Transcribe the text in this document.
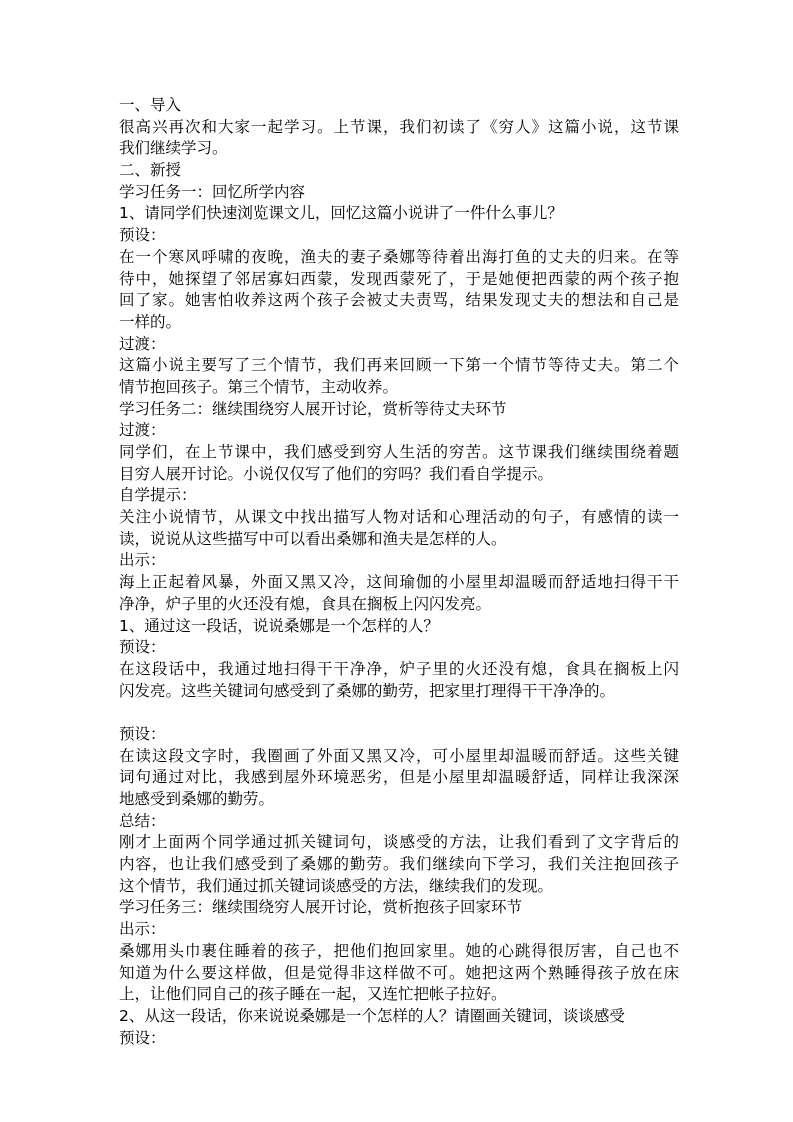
一、导入
很高兴再次和大家一起学习。上节课，我们初读了《穷人》这篇小说，这节课
我们继续学习。
二、新授
学习任务一：回忆所学内容
1、请同学们快速浏览课文儿，回忆这篇小说讲了一件什么事儿？
预设：
在一个寒风呼啸的夜晚，渔夫的妻子桑娜等待着出海打鱼的丈夫的归来。在等
待中，她探望了邻居寡妇西蒙，发现西蒙死了，于是她便把西蒙的两个孩子抱
回了家。她害怕收养这两个孩子会被丈夫责骂，结果发现丈夫的想法和自己是
一样的。
过渡：
这篇小说主要写了三个情节，我们再来回顾一下第一个情节等待丈夫。第二个
情节抱回孩子。第三个情节，主动收养。
学习任务二：继续围绕穷人展开讨论，赏析等待丈夫环节
过渡：
同学们，在上节课中，我们感受到穷人生活的穷苦。这节课我们继续围绕着题
目穷人展开讨论。小说仅仅写了他们的穷吗？我们看自学提示。
自学提示：
关注小说情节，从课文中找出描写人物对话和心理活动的句子，有感情的读一
读，说说从这些描写中可以看出桑娜和渔夫是怎样的人。
出示：
海上正起着风暴，外面又黑又冷，这间瑜伽的小屋里却温暖而舒适地扫得干干
净净，炉子里的火还没有熄，食具在搁板上闪闪发亮。
1、通过这一段话，说说桑娜是一个怎样的人？
预设：
在这段话中，我通过地扫得干干净净，炉子里的火还没有熄，食具在搁板上闪
闪发亮。这些关键词句感受到了桑娜的勤劳，把家里打理得干干净净的。
预设：
在读这段文字时，我圈画了外面又黑又冷，可小屋里却温暖而舒适。这些关键
词句通过对比，我感到屋外环境恶劣，但是小屋里却温暖舒适，同样让我深深
地感受到桑娜的勤劳。
总结：
刚才上面两个同学通过抓关键词句，谈感受的方法，让我们看到了文字背后的
内容，也让我们感受到了桑娜的勤劳。我们继续向下学习，我们关注抱回孩子
这个情节，我们通过抓关键词谈感受的方法，继续我们的发现。
学习任务三：继续围绕穷人展开讨论，赏析抱孩子回家环节
出示：
桑娜用头巾裹住睡着的孩子，把他们抱回家里。她的心跳得很厉害，自己也不
知道为什么要这样做，但是觉得非这样做不可。她把这两个熟睡得孩子放在床
上，让他们同自己的孩子睡在一起，又连忙把帐子拉好。
2、从这一段话，你来说说桑娜是一个怎样的人？请圈画关键词，谈谈感受
预设：
